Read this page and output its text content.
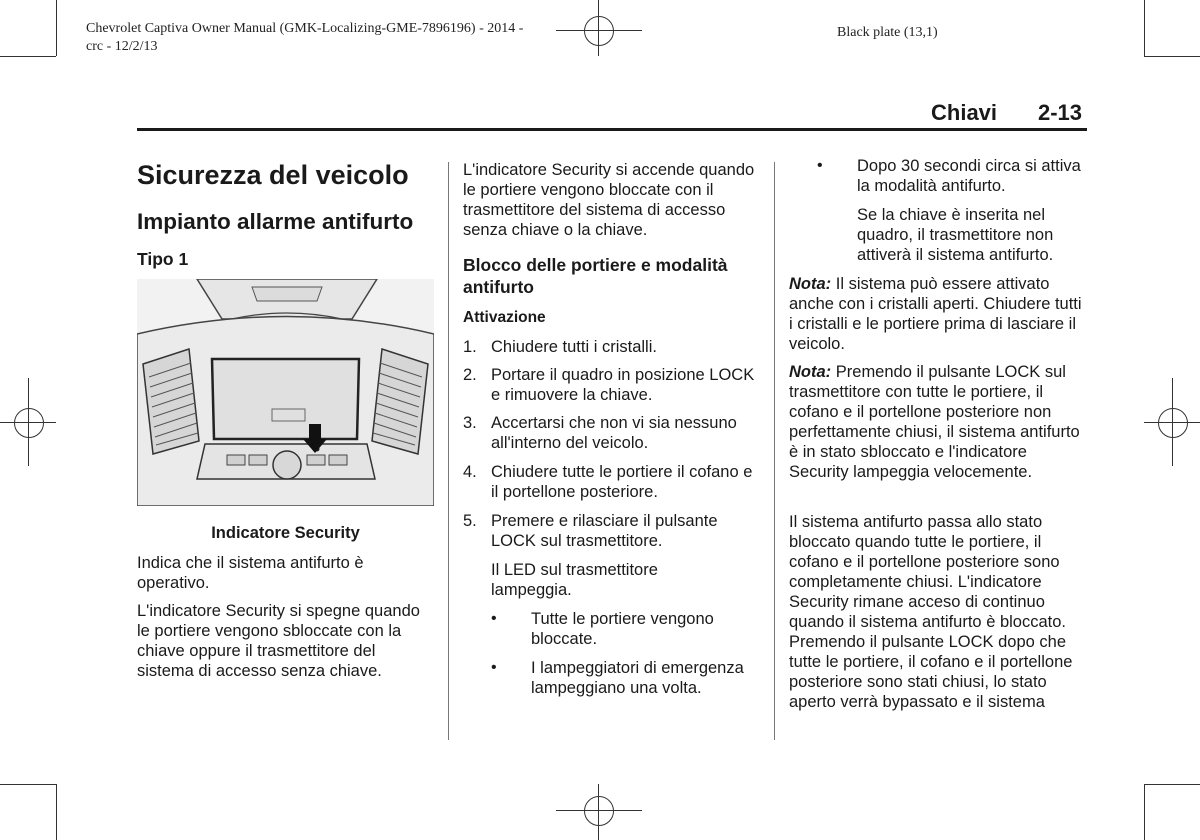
Chevrolet Captiva Owner Manual (GMK-Localizing-GME-7896196) - 2014 -
crc - 12/2/13
Black plate (13,1)
Chiavi 2-13
Sicurezza del veicolo
Impianto allarme antifurto
Tipo 1
Indicatore Security

Indica che il sistema antifurto è operativo.

L'indicatore Security si spegne quando le portiere vengono sbloccate con la chiave oppure il trasmettitore del sistema di accesso senza chiave.

L'indicatore Security si accende quando le portiere vengono bloccate con il trasmettitore del sistema di accesso senza chiave o la chiave.

Blocco delle portiere e modalità antifurto
Attivazione
1. Chiudere tutti i cristalli.
2. Portare il quadro in posizione LOCK e rimuovere la chiave.
3. Accertarsi che non vi sia nessuno all'interno del veicolo.
4. Chiudere tutte le portiere il cofano e il portellone posteriore.
5. Premere e rilasciare il pulsante LOCK sul trasmettitore.

Il LED sul trasmettitore lampeggia.

• Tutte le portiere vengono bloccate.
• I lampeggiatori di emergenza lampeggiano una volta.
• Dopo 30 secondi circa si attiva la modalità antifurto.

Se la chiave è inserita nel quadro, il trasmettitore non attiverà il sistema antifurto.

Nota: Il sistema può essere attivato anche con i cristalli aperti. Chiudere tutti i cristalli e le portiere prima di lasciare il veicolo.

Nota: Premendo il pulsante LOCK sul trasmettitore con tutte le portiere, il cofano e il portellone posteriore non perfettamente chiusi, il sistema antifurto è in stato sbloccato e l'indicatore Security lampeggia velocemente.

Il sistema antifurto passa allo stato bloccato quando tutte le portiere, il cofano e il portellone posteriore sono completamente chiusi. L'indicatore Security rimane acceso di continuo quando il sistema antifurto è bloccato. Premendo il pulsante LOCK dopo che tutte le portiere, il cofano e il portellone posteriore sono stati chiusi, lo stato aperto verrà bypassato e il sistema
